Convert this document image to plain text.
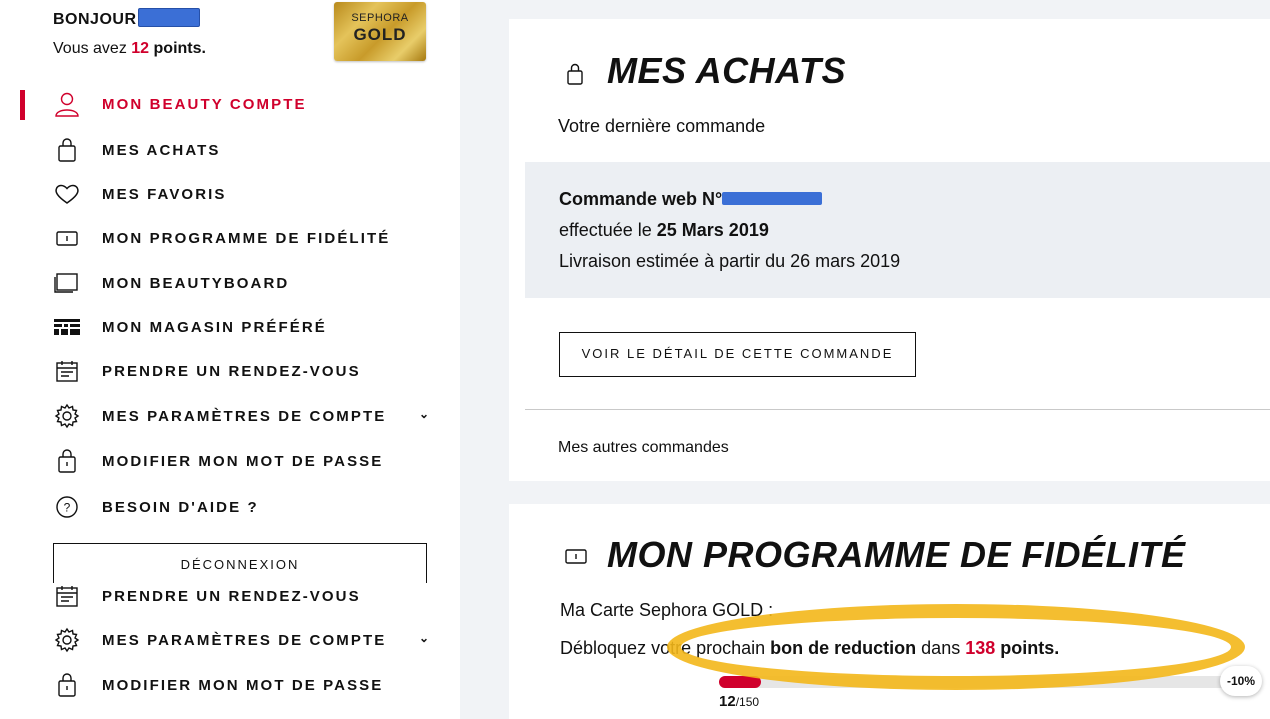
BONJOUR
Vous avez 12 points.
SEPHORA
GOLD
MON BEAUTY COMPTE
MES ACHATS
MES FAVORIS
MON PROGRAMME DE FIDÉLITÉ
MON BEAUTYBOARD
MON MAGASIN PRÉFÉRÉ
PRENDRE UN RENDEZ-VOUS
MES PARAMÈTRES DE COMPTE	⌄
MODIFIER MON MOT DE PASSE
? BESOIN D'AIDE ?
DÉCONNEXION
PRENDRE UN RENDEZ-VOUS
MES PARAMÈTRES DE COMPTE	⌄
MODIFIER MON MOT DE PASSE
MES ACHATS
Votre dernière commande
Commande web N°
effectuée le 25 Mars 2019
Livraison estimée à partir du 26 mars 2019
VOIR LE DÉTAIL DE CETTE COMMANDE
Mes autres commandes
MON PROGRAMME DE FIDÉLITÉ
Ma Carte Sephora GOLD :
Débloquez votre prochain bon de reduction dans 138 points.
-10%
12/150
